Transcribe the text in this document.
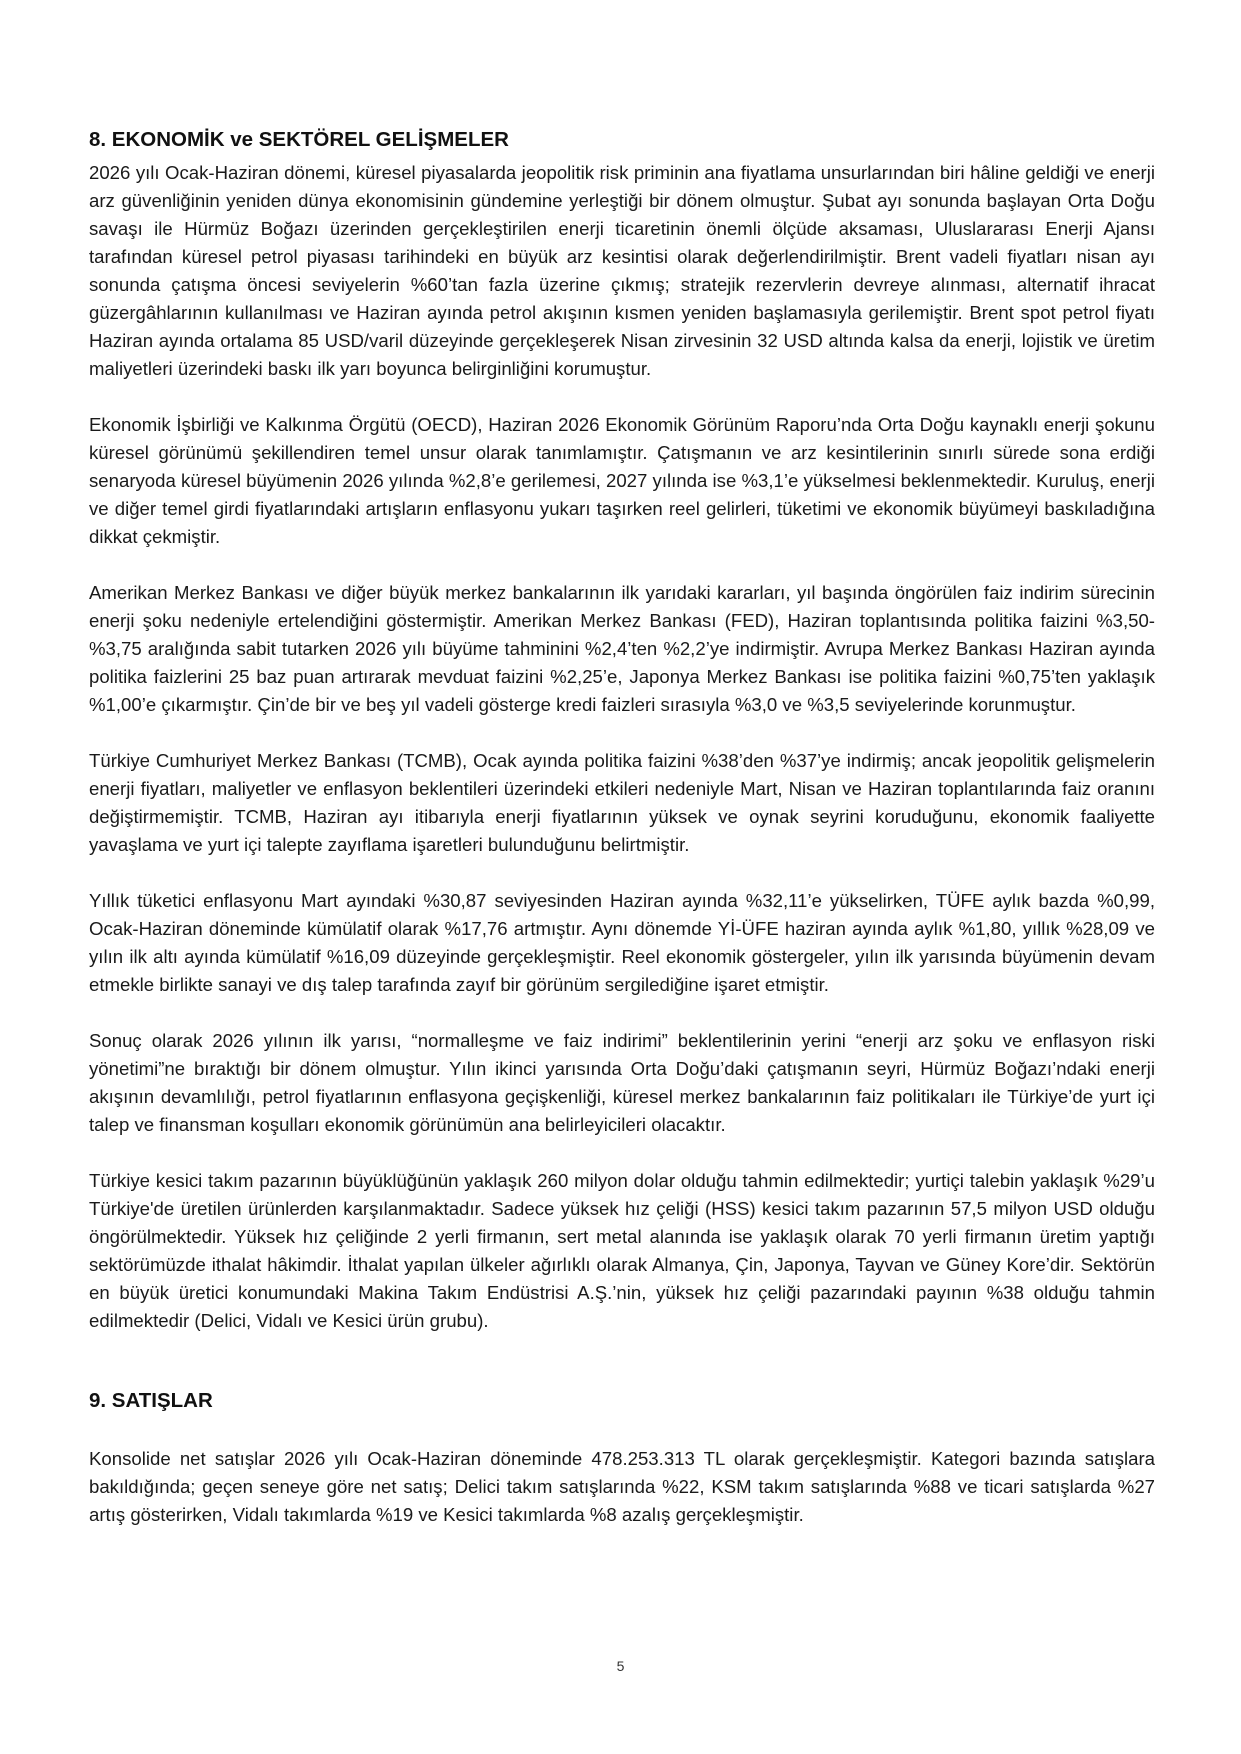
8. EKONOMİK ve SEKTÖREL GELİŞMELER

2026 yılı Ocak-Haziran dönemi, küresel piyasalarda jeopolitik risk priminin ana fiyatlama unsurlarından biri hâline geldiği ve enerji arz güvenliğinin yeniden dünya ekonomisinin gündemine yerleştiği bir dönem olmuştur. Şubat ayı sonunda başlayan Orta Doğu savaşı ile Hürmüz Boğazı üzerinden gerçekleştirilen enerji ticaretinin önemli ölçüde aksaması, Uluslararası Enerji Ajansı tarafından küresel petrol piyasası tarihindeki en büyük arz kesintisi olarak değerlendirilmiştir. Brent vadeli fiyatları nisan ayı sonunda çatışma öncesi seviyelerin %60’tan fazla üzerine çıkmış; stratejik rezervlerin devreye alınması, alternatif ihracat güzergâhlarının kullanılması ve Haziran ayında petrol akışının kısmen yeniden başlamasıyla gerilemiştir. Brent spot petrol fiyatı Haziran ayında ortalama 85 USD/varil düzeyinde gerçekleşerek Nisan zirvesinin 32 USD altında kalsa da enerji, lojistik ve üretim maliyetleri üzerindeki baskı ilk yarı boyunca belirginliğini korumuştur.

Ekonomik İşbirliği ve Kalkınma Örgütü (OECD), Haziran 2026 Ekonomik Görünüm Raporu’nda Orta Doğu kaynaklı enerji şokunu küresel görünümü şekillendiren temel unsur olarak tanımlamıştır. Çatışmanın ve arz kesintilerinin sınırlı sürede sona erdiği senaryoda küresel büyümenin 2026 yılında %2,8’e gerilemesi, 2027 yılında ise %3,1’e yükselmesi beklenmektedir. Kuruluş, enerji ve diğer temel girdi fiyatlarındaki artışların enflasyonu yukarı taşırken reel gelirleri, tüketimi ve ekonomik büyümeyi baskıladığına dikkat çekmiştir.

Amerikan Merkez Bankası ve diğer büyük merkez bankalarının ilk yarıdaki kararları, yıl başında öngörülen faiz indirim sürecinin enerji şoku nedeniyle ertelendiğini göstermiştir. Amerikan Merkez Bankası (FED), Haziran toplantısında politika faizini %3,50-%3,75 aralığında sabit tutarken 2026 yılı büyüme tahminini %2,4’ten %2,2’ye indirmiştir. Avrupa Merkez Bankası Haziran ayında politika faizlerini 25 baz puan artırarak mevduat faizini %2,25’e, Japonya Merkez Bankası ise politika faizini %0,75’ten yaklaşık %1,00’e çıkarmıştır. Çin’de bir ve beş yıl vadeli gösterge kredi faizleri sırasıyla %3,0 ve %3,5 seviyelerinde korunmuştur.

Türkiye Cumhuriyet Merkez Bankası (TCMB), Ocak ayında politika faizini %38’den %37’ye indirmiş; ancak jeopolitik gelişmelerin enerji fiyatları, maliyetler ve enflasyon beklentileri üzerindeki etkileri nedeniyle Mart, Nisan ve Haziran toplantılarında faiz oranını değiştirmemiştir. TCMB, Haziran ayı itibarıyla enerji fiyatlarının yüksek ve oynak seyrini koruduğunu, ekonomik faaliyette yavaşlama ve yurt içi talepte zayıflama işaretleri bulunduğunu belirtmiştir.

Yıllık tüketici enflasyonu Mart ayındaki %30,87 seviyesinden Haziran ayında %32,11’e yükselirken, TÜFE aylık bazda %0,99, Ocak-Haziran döneminde kümülatif olarak %17,76 artmıştır. Aynı dönemde Yİ-ÜFE haziran ayında aylık %1,80, yıllık %28,09 ve yılın ilk altı ayında kümülatif %16,09 düzeyinde gerçekleşmiştir. Reel ekonomik göstergeler, yılın ilk yarısında büyümenin devam etmekle birlikte sanayi ve dış talep tarafında zayıf bir görünüm sergilediğine işaret etmiştir.

Sonuç olarak 2026 yılının ilk yarısı, “normalleşme ve faiz indirimi” beklentilerinin yerini “enerji arz şoku ve enflasyon riski yönetimi”ne bıraktığı bir dönem olmuştur. Yılın ikinci yarısında Orta Doğu’daki çatışmanın seyri, Hürmüz Boğazı’ndaki enerji akışının devamlılığı, petrol fiyatlarının enflasyona geçişkenliği, küresel merkez bankalarının faiz politikaları ile Türkiye’de yurt içi talep ve finansman koşulları ekonomik görünümün ana belirleyicileri olacaktır.

Türkiye kesici takım pazarının büyüklüğünün yaklaşık 260 milyon dolar olduğu tahmin edilmektedir; yurtiçi talebin yaklaşık %29’u Türkiye'de üretilen ürünlerden karşılanmaktadır. Sadece yüksek hız çeliği (HSS) kesici takım pazarının 57,5 milyon USD olduğu öngörülmektedir. Yüksek hız çeliğinde 2 yerli firmanın, sert metal alanında ise yaklaşık olarak 70 yerli firmanın üretim yaptığı sektörümüzde ithalat hâkimdir. İthalat yapılan ülkeler ağırlıklı olarak Almanya, Çin, Japonya, Tayvan ve Güney Kore’dir. Sektörün en büyük üretici konumundaki Makina Takım Endüstrisi A.Ş.’nin, yüksek hız çeliği pazarındaki payının %38 olduğu tahmin edilmektedir (Delici, Vidalı ve Kesici ürün grubu).

9. SATIŞLAR

Konsolide net satışlar 2026 yılı Ocak-Haziran döneminde 478.253.313 TL olarak gerçekleşmiştir. Kategori bazında satışlara bakıldığında; geçen seneye göre net satış; Delici takım satışlarında %22, KSM takım satışlarında %88 ve ticari satışlarda %27 artış gösterirken, Vidalı takımlarda %19 ve Kesici takımlarda %8 azalış gerçekleşmiştir.

5
